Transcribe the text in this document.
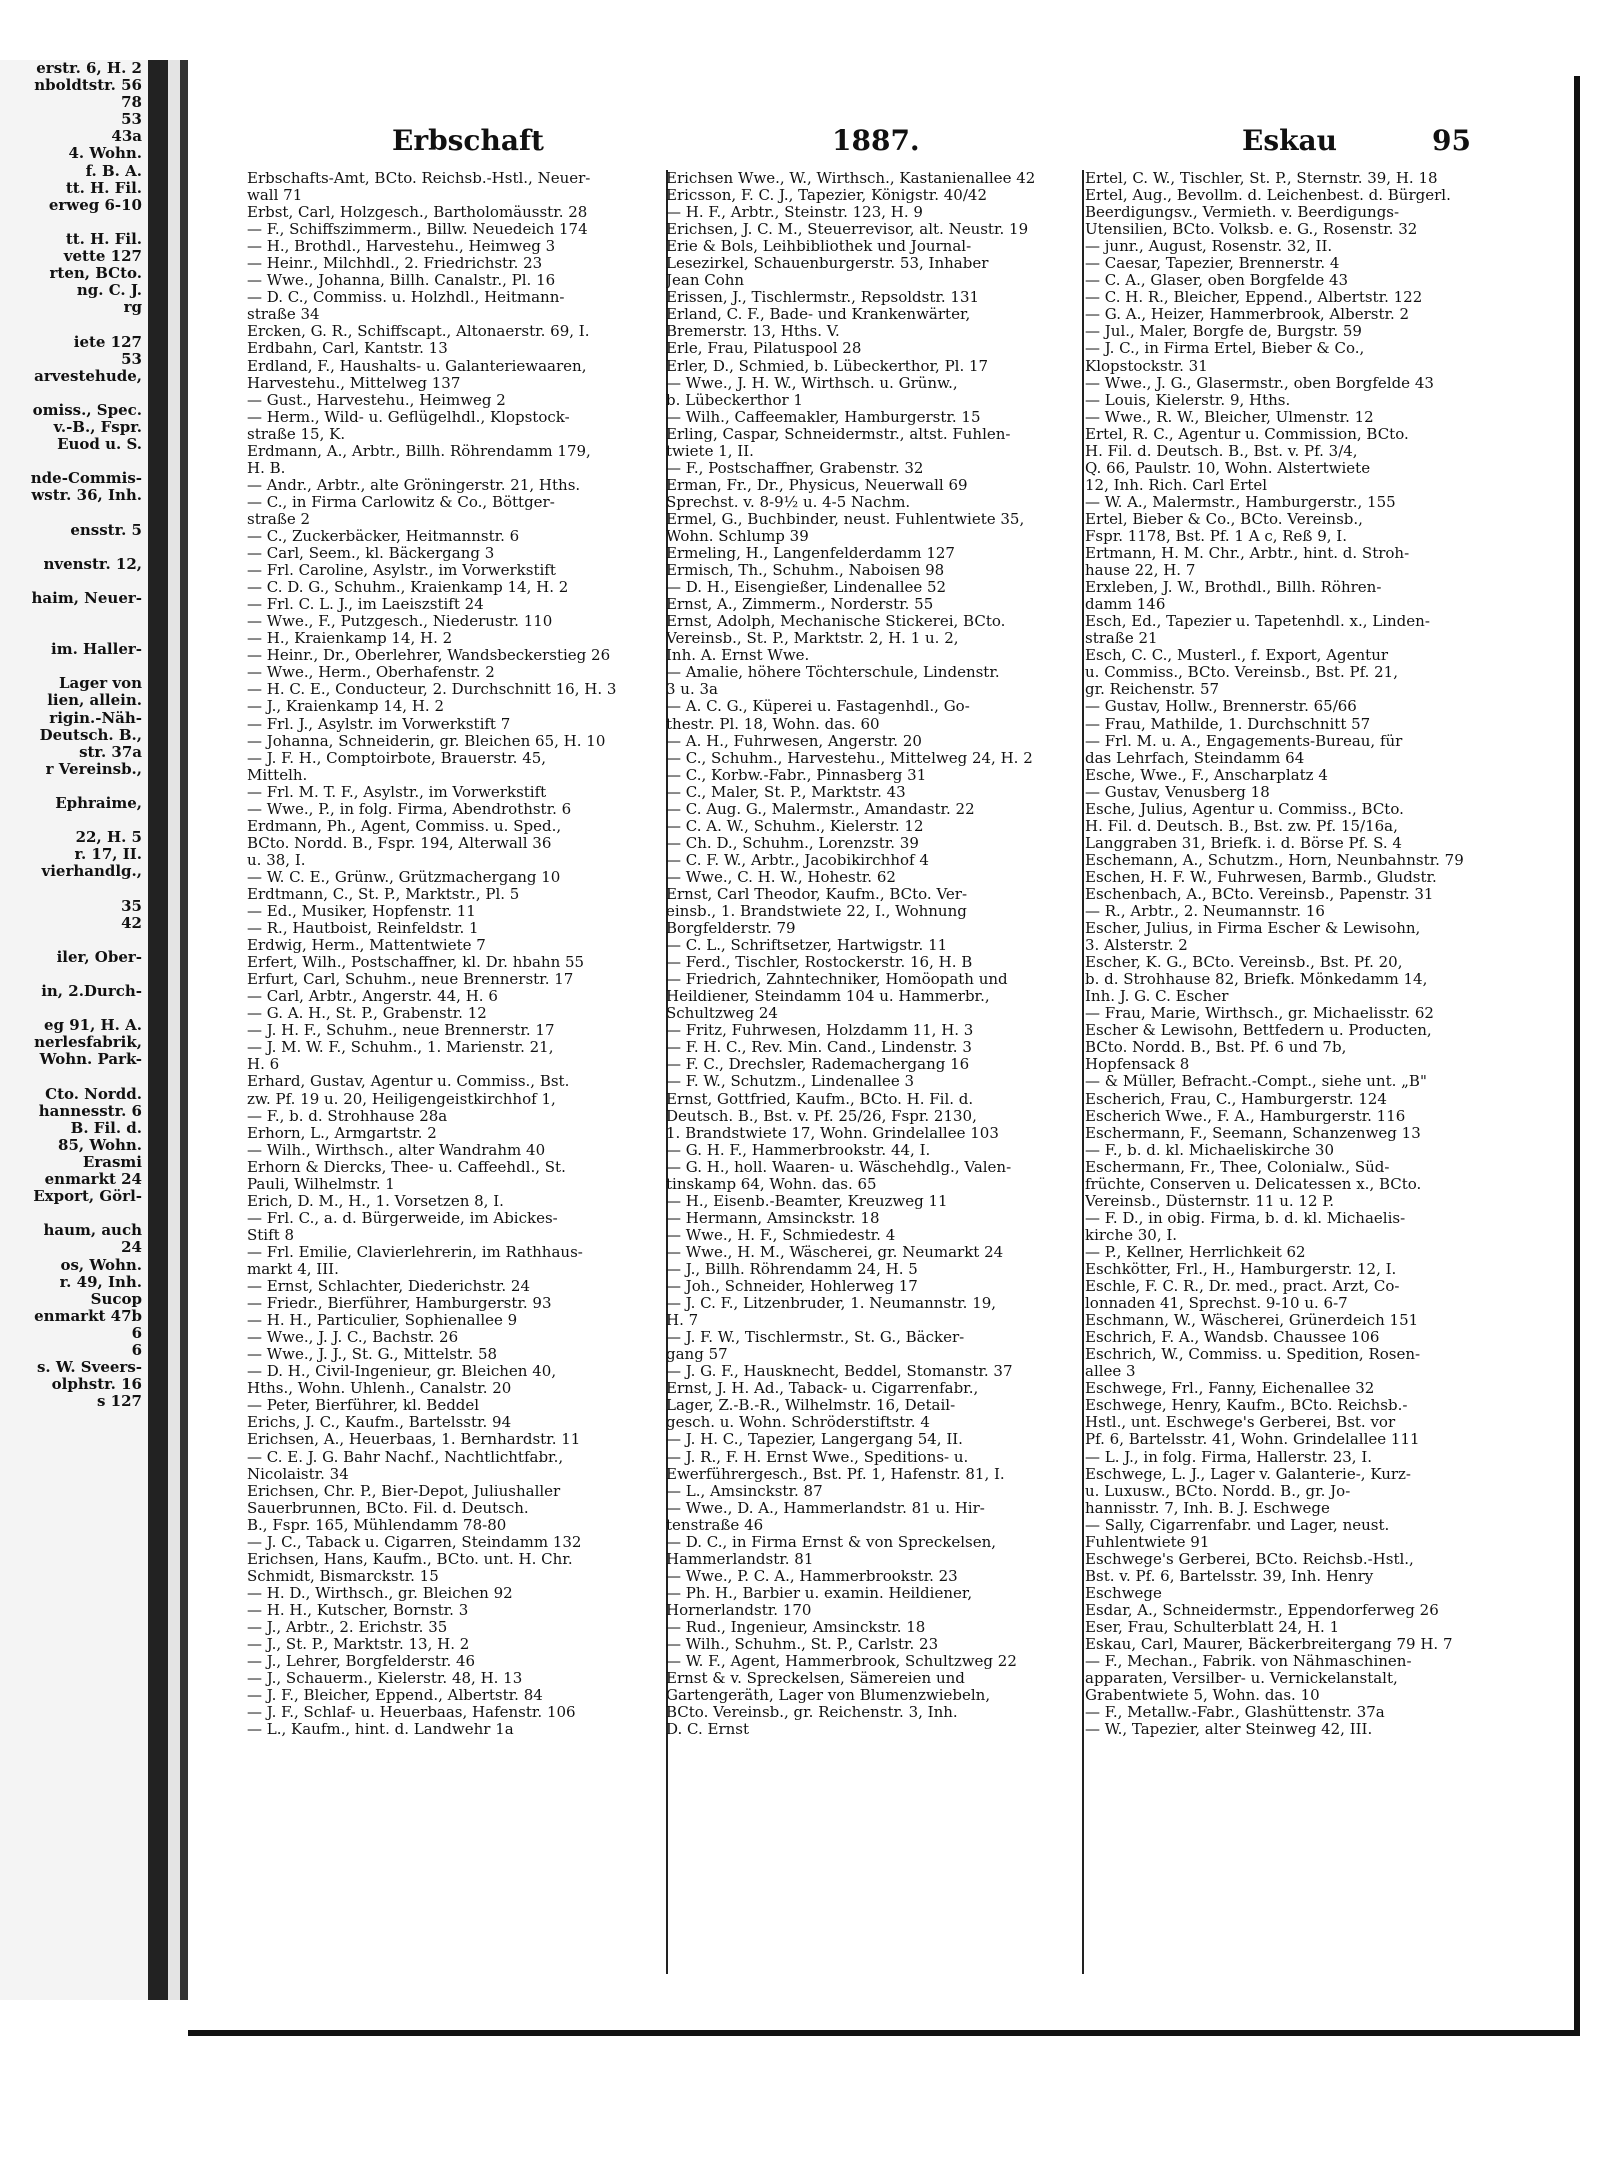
erstr. 6, H. 2
nboldtstr. 56
78
53
43a
4. Wohn.
f. B. A.
tt. H. Fil.
erweg 6-10

tt. H. Fil.
vette 127
rten, BCto.
ng. C. J.
rg

iete 127
53
arvestehude,

omiss., Spec.
v.-B., Fspr.
Euod u. S.

nde-Commis-
wstr. 36, Inh.

ensstr. 5

nvenstr. 12,

haim, Neuer-

im. Haller-

Lager von
lien, allein.
rigin.-Näh-
Deutsch. B.,
str. 37a
r Vereinsb.,

Ephraime,

22, H. 5
r. 17, II.
vierhandlg.,

35
42

iler, Ober-

in, 2.Durch-

eg 91, H. A.
nerlesfabrik,
Wohn. Park-

Cto. Nordd.
hannesstr. 6
B. Fil. d.
85, Wohn.
Erasmi
enmarkt 24
Export, Görl-

haum, auch
24
os, Wohn.
r. 49, Inh.
Sucop
enmarkt 47b
6
6
s. W. Sveers-
olphstr. 16
s 127
Erbschaft	1887.	Eskau	95
Erbschafts-Amt, BCto. Reichsb.-Hstl., Neuer-
wall 71
Erbst, Carl, Holzgesch., Bartholomäusstr. 28
— F., Schiffszimmerm., Billw. Neuedeich 174
— H., Brothdl., Harvestehu., Heimweg 3
— Heinr., Milchhdl., 2. Friedrichstr. 23
— Wwe., Johanna, Billh. Canalstr., Pl. 16
— D. C., Commiss. u. Holzhdl., Heitmann-
straße 34
Ercken, G. R., Schiffscapt., Altonaerstr. 69, I.
Erdbahn, Carl, Kantstr. 13
Erdland, F., Haushalts- u. Galanteriewaaren,
Harvestehu., Mittelweg 137
— Gust., Harvestehu., Heimweg 2
— Herm., Wild- u. Geflügelhdl., Klopstock-
straße 15, K.
Erdmann, A., Arbtr., Billh. Röhrendamm 179,
H. B.
— Andr., Arbtr., alte Gröningerstr. 21, Hths.
— C., in Firma Carlowitz & Co., Böttger-
straße 2
— C., Zuckerbäcker, Heitmannstr. 6
— Carl, Seem., kl. Bäckergang 3
— Frl. Caroline, Asylstr., im Vorwerkstift
— C. D. G., Schuhm., Kraienkamp 14, H. 2
— Frl. C. L. J., im Laeiszstift 24
— Wwe., F., Putzgesch., Niederustr. 110
— H., Kraienkamp 14, H. 2
— Heinr., Dr., Oberlehrer, Wandsbeckerstieg 26
— Wwe., Herm., Oberhafenstr. 2
— H. C. E., Conducteur, 2. Durchschnitt 16, H. 3
— J., Kraienkamp 14, H. 2
— Frl. J., Asylstr. im Vorwerkstift 7
— Johanna, Schneiderin, gr. Bleichen 65, H. 10
— J. F. H., Comptoirbote, Brauerstr. 45,
Mittelh.
— Frl. M. T. F., Asylstr., im Vorwerkstift
— Wwe., P., in folg. Firma, Abendrothstr. 6
Erdmann, Ph., Agent, Commiss. u. Sped.,
BCto. Nordd. B., Fspr. 194, Alterwall 36
u. 38, I.
— W. C. E., Grünw., Grützmachergang 10
Erdtmann, C., St. P., Marktstr., Pl. 5
— Ed., Musiker, Hopfenstr. 11
— R., Hautboist, Reinfeldstr. 1
Erdwig, Herm., Mattentwiete 7
Erfert, Wilh., Postschaffner, kl. Dr. hbahn 55
Erfurt, Carl, Schuhm., neue Brennerstr. 17
— Carl, Arbtr., Angerstr. 44, H. 6
— G. A. H., St. P., Grabenstr. 12
— J. H. F., Schuhm., neue Brennerstr. 17
— J. M. W. F., Schuhm., 1. Marienstr. 21,
H. 6
Erhard, Gustav, Agentur u. Commiss., Bst.
zw. Pf. 19 u. 20, Heiligengeistkirchhof 1,
— F., b. d. Strohhause 28a
Erhorn, L., Armgartstr. 2
— Wilh., Wirthsch., alter Wandrahm 40
Erhorn & Diercks, Thee- u. Caffeehdl., St.
Pauli, Wilhelmstr. 1
Erich, D. M., H., 1. Vorsetzen 8, I.
— Frl. C., a. d. Bürgerweide, im Abickes-
Stift 8
— Frl. Emilie, Clavierlehrerin, im Rathhaus-
markt 4, III.
— Ernst, Schlachter, Diederichstr. 24
— Friedr., Bierführer, Hamburgerstr. 93
— H. H., Particulier, Sophienallee 9
— Wwe., J. J. C., Bachstr. 26
— Wwe., J. J., St. G., Mittelstr. 58
— D. H., Civil-Ingenieur, gr. Bleichen 40,
Hths., Wohn. Uhlenh., Canalstr. 20
— Peter, Bierführer, kl. Beddel
Erichs, J. C., Kaufm., Bartelsstr. 94
Erichsen, A., Heuerbaas, 1. Bernhardstr. 11
— C. E. J. G. Bahr Nachf., Nachtlichtfabr.,
Nicolaistr. 34
Erichsen, Chr. P., Bier-Depot, Juliushaller
Sauerbrunnen, BCto. Fil. d. Deutsch.
B., Fspr. 165, Mühlendamm 78-80
— J. C., Taback u. Cigarren, Steindamm 132
Erichsen, Hans, Kaufm., BCto. unt. H. Chr.
Schmidt, Bismarckstr. 15
— H. D., Wirthsch., gr. Bleichen 92
— H. H., Kutscher, Bornstr. 3
— J., Arbtr., 2. Erichstr. 35
— J., St. P., Marktstr. 13, H. 2
— J., Lehrer, Borgfelderstr. 46
— J., Schauerm., Kielerstr. 48, H. 13
— J. F., Bleicher, Eppend., Albertstr. 84
— J. F., Schlaf- u. Heuerbaas, Hafenstr. 106
— L., Kaufm., hint. d. Landwehr 1a
Erichsen Wwe., W., Wirthsch., Kastanienallee 42
Ericsson, F. C. J., Tapezier, Königstr. 40/42
— H. F., Arbtr., Steinstr. 123, H. 9
Erichsen, J. C. M., Steuerrevisor, alt. Neustr. 19
Erie & Bols, Leihbibliothek und Journal-
Lesezirkel, Schauenburgerstr. 53, Inhaber
Jean Cohn
Erissen, J., Tischlermstr., Repsoldstr. 131
Erland, C. F., Bade- und Krankenwärter,
Bremerstr. 13, Hths. V.
Erle, Frau, Pilatuspool 28
Erler, D., Schmied, b. Lübeckerthor, Pl. 17
— Wwe., J. H. W., Wirthsch. u. Grünw.,
b. Lübeckerthor 1
— Wilh., Caffeemakler, Hamburgerstr. 15
Erling, Caspar, Schneidermstr., altst. Fuhlen-
twiete 1, II.
— F., Postschaffner, Grabenstr. 32
Erman, Fr., Dr., Physicus, Neuerwall 69
Sprechst. v. 8-9½ u. 4-5 Nachm.
Ermel, G., Buchbinder, neust. Fuhlentwiete 35,
Wohn. Schlump 39
Ermeling, H., Langenfelderdamm 127
Ermisch, Th., Schuhm., Naboisen 98
— D. H., Eisengießer, Lindenallee 52
Ernst, A., Zimmerm., Norderstr. 55
Ernst, Adolph, Mechanische Stickerei, BCto.
Vereinsb., St. P., Marktstr. 2, H. 1 u. 2,
Inh. A. Ernst Wwe.
— Amalie, höhere Töchterschule, Lindenstr.
3 u. 3a
— A. C. G., Küperei u. Fastagenhdl., Go-
thestr. Pl. 18, Wohn. das. 60
— A. H., Fuhrwesen, Angerstr. 20
— C., Schuhm., Harvestehu., Mittelweg 24, H. 2
— C., Korbw.-Fabr., Pinnasberg 31
— C., Maler, St. P., Marktstr. 43
— C. Aug. G., Malermstr., Amandastr. 22
— C. A. W., Schuhm., Kielerstr. 12
— Ch. D., Schuhm., Lorenzstr. 39
— C. F. W., Arbtr., Jacobikirchhof 4
— Wwe., C. H. W., Hohestr. 62
Ernst, Carl Theodor, Kaufm., BCto. Ver-
einsb., 1. Brandstwiete 22, I., Wohnung
Borgfelderstr. 79
— C. L., Schriftsetzer, Hartwigstr. 11
— Ferd., Tischler, Rostockerstr. 16, H. B
— Friedrich, Zahntechniker, Homöopath und
Heildiener, Steindamm 104 u. Hammerbr.,
Schultzweg 24
— Fritz, Fuhrwesen, Holzdamm 11, H. 3
— F. H. C., Rev. Min. Cand., Lindenstr. 3
— F. C., Drechsler, Rademachergang 16
— F. W., Schutzm., Lindenallee 3
Ernst, Gottfried, Kaufm., BCto. H. Fil. d.
Deutsch. B., Bst. v. Pf. 25/26, Fspr. 2130,
1. Brandstwiete 17, Wohn. Grindelallee 103
— G. H. F., Hammerbrookstr. 44, I.
— G. H., holl. Waaren- u. Wäschehdlg., Valen-
tinskamp 64, Wohn. das. 65
— H., Eisenb.-Beamter, Kreuzweg 11
— Hermann, Amsinckstr. 18
— Wwe., H. F., Schmiedestr. 4
— Wwe., H. M., Wäscherei, gr. Neumarkt 24
— J., Billh. Röhrendamm 24, H. 5
— Joh., Schneider, Hohlerweg 17
— J. C. F., Litzenbruder, 1. Neumannstr. 19,
H. 7
— J. F. W., Tischlermstr., St. G., Bäcker-
gang 57
— J. G. F., Hausknecht, Beddel, Stomanstr. 37
Ernst, J. H. Ad., Taback- u. Cigarrenfabr.,
Lager, Z.-B.-R., Wilhelmstr. 16, Detail-
gesch. u. Wohn. Schröderstiftstr. 4
— J. H. C., Tapezier, Langergang 54, II.
— J. R., F. H. Ernst Wwe., Speditions- u.
Ewerführergesch., Bst. Pf. 1, Hafenstr. 81, I.
— L., Amsinckstr. 87
— Wwe., D. A., Hammerlandstr. 81 u. Hir-
tenstraße 46
— D. C., in Firma Ernst & von Spreckelsen,
Hammerlandstr. 81
— Wwe., P. C. A., Hammerbrookstr. 23
— Ph. H., Barbier u. examin. Heildiener,
Hornerlandstr. 170
— Rud., Ingenieur, Amsinckstr. 18
— Wilh., Schuhm., St. P., Carlstr. 23
— W. F., Agent, Hammerbrook, Schultzweg 22
Ernst & v. Spreckelsen, Sämereien und
Gartengeräth, Lager von Blumenzwiebeln,
BCto. Vereinsb., gr. Reichenstr. 3, Inh.
D. C. Ernst
Ertel, C. W., Tischler, St. P., Sternstr. 39, H. 18
Ertel, Aug., Bevollm. d. Leichenbest. d. Bürgerl.
Beerdigungsv., Vermieth. v. Beerdigungs-
Utensilien, BCto. Volksb. e. G., Rosenstr. 32
— junr., August, Rosenstr. 32, II.
— Caesar, Tapezier, Brennerstr. 4
— C. A., Glaser, oben Borgfelde 43
— C. H. R., Bleicher, Eppend., Albertstr. 122
— G. A., Heizer, Hammerbrook, Alberstr. 2
— Jul., Maler, Borgfe de, Burgstr. 59
— J. C., in Firma Ertel, Bieber & Co.,
Klopstockstr. 31
— Wwe., J. G., Glasermstr., oben Borgfelde 43
— Louis, Kielerstr. 9, Hths.
— Wwe., R. W., Bleicher, Ulmenstr. 12
Ertel, R. C., Agentur u. Commission, BCto.
H. Fil. d. Deutsch. B., Bst. v. Pf. 3/4,
Q. 66, Paulstr. 10, Wohn. Alstertwiete
12, Inh. Rich. Carl Ertel
— W. A., Malermstr., Hamburgerstr., 155
Ertel, Bieber & Co., BCto. Vereinsb.,
Fspr. 1178, Bst. Pf. 1 A c, Reß 9, I.
Ertmann, H. M. Chr., Arbtr., hint. d. Stroh-
hause 22, H. 7
Erxleben, J. W., Brothdl., Billh. Röhren-
damm 146
Esch, Ed., Tapezier u. Tapetenhdl. x., Linden-
straße 21
Esch, C. C., Musterl., f. Export, Agentur
u. Commiss., BCto. Vereinsb., Bst. Pf. 21,
gr. Reichenstr. 57
— Gustav, Hollw., Brennerstr. 65/66
— Frau, Mathilde, 1. Durchschnitt 57
— Frl. M. u. A., Engagements-Bureau, für
das Lehrfach, Steindamm 64
Esche, Wwe., F., Anscharplatz 4
— Gustav, Venusberg 18
Esche, Julius, Agentur u. Commiss., BCto.
H. Fil. d. Deutsch. B., Bst. zw. Pf. 15/16a,
Langgraben 31, Briefk. i. d. Börse Pf. S. 4
Eschemann, A., Schutzm., Horn, Neunbahnstr. 79
Eschen, H. F. W., Fuhrwesen, Barmb., Gludstr.
Eschenbach, A., BCto. Vereinsb., Papenstr. 31
— R., Arbtr., 2. Neumannstr. 16
Escher, Julius, in Firma Escher & Lewisohn,
3. Alsterstr. 2
Escher, K. G., BCto. Vereinsb., Bst. Pf. 20,
b. d. Strohhause 82, Briefk. Mönkedamm 14,
Inh. J. G. C. Escher
— Frau, Marie, Wirthsch., gr. Michaelisstr. 62
Escher & Lewisohn, Bettfedern u. Producten,
BCto. Nordd. B., Bst. Pf. 6 und 7b,
Hopfensack 8
— & Müller, Befracht.-Compt., siehe unt. „B"
Escherich, Frau, C., Hamburgerstr. 124
Escherich Wwe., F. A., Hamburgerstr. 116
Eschermann, F., Seemann, Schanzenweg 13
— F., b. d. kl. Michaeliskirche 30
Eschermann, Fr., Thee, Colonialw., Süd-
früchte, Conserven u. Delicatessen x., BCto.
Vereinsb., Düsternstr. 11 u. 12 P.
— F. D., in obig. Firma, b. d. kl. Michaelis-
kirche 30, I.
— P., Kellner, Herrlichkeit 62
Eschkötter, Frl., H., Hamburgerstr. 12, I.
Eschle, F. C. R., Dr. med., pract. Arzt, Co-
lonnaden 41, Sprechst. 9-10 u. 6-7
Eschmann, W., Wäscherei, Grünerdeich 151
Eschrich, F. A., Wandsb. Chaussee 106
Eschrich, W., Commiss. u. Spedition, Rosen-
allee 3
Eschwege, Frl., Fanny, Eichenallee 32
Eschwege, Henry, Kaufm., BCto. Reichsb.-
Hstl., unt. Eschwege's Gerberei, Bst. vor
Pf. 6, Bartelsstr. 41, Wohn. Grindelallee 111
— L. J., in folg. Firma, Hallerstr. 23, I.
Eschwege, L. J., Lager v. Galanterie-, Kurz-
u. Luxusw., BCto. Nordd. B., gr. Jo-
hannisstr. 7, Inh. B. J. Eschwege
— Sally, Cigarrenfabr. und Lager, neust.
Fuhlentwiete 91
Eschwege's Gerberei, BCto. Reichsb.-Hstl.,
Bst. v. Pf. 6, Bartelsstr. 39, Inh. Henry
Eschwege
Esdar, A., Schneidermstr., Eppendorferweg 26
Eser, Frau, Schulterblatt 24, H. 1
Eskau, Carl, Maurer, Bäckerbreitergang 79 H. 7
— F., Mechan., Fabrik. von Nähmaschinen-
apparaten, Versilber- u. Vernickelanstalt,
Grabentwiete 5, Wohn. das. 10
— F., Metallw.-Fabr., Glashüttenstr. 37a
— W., Tapezier, alter Steinweg 42, III.
